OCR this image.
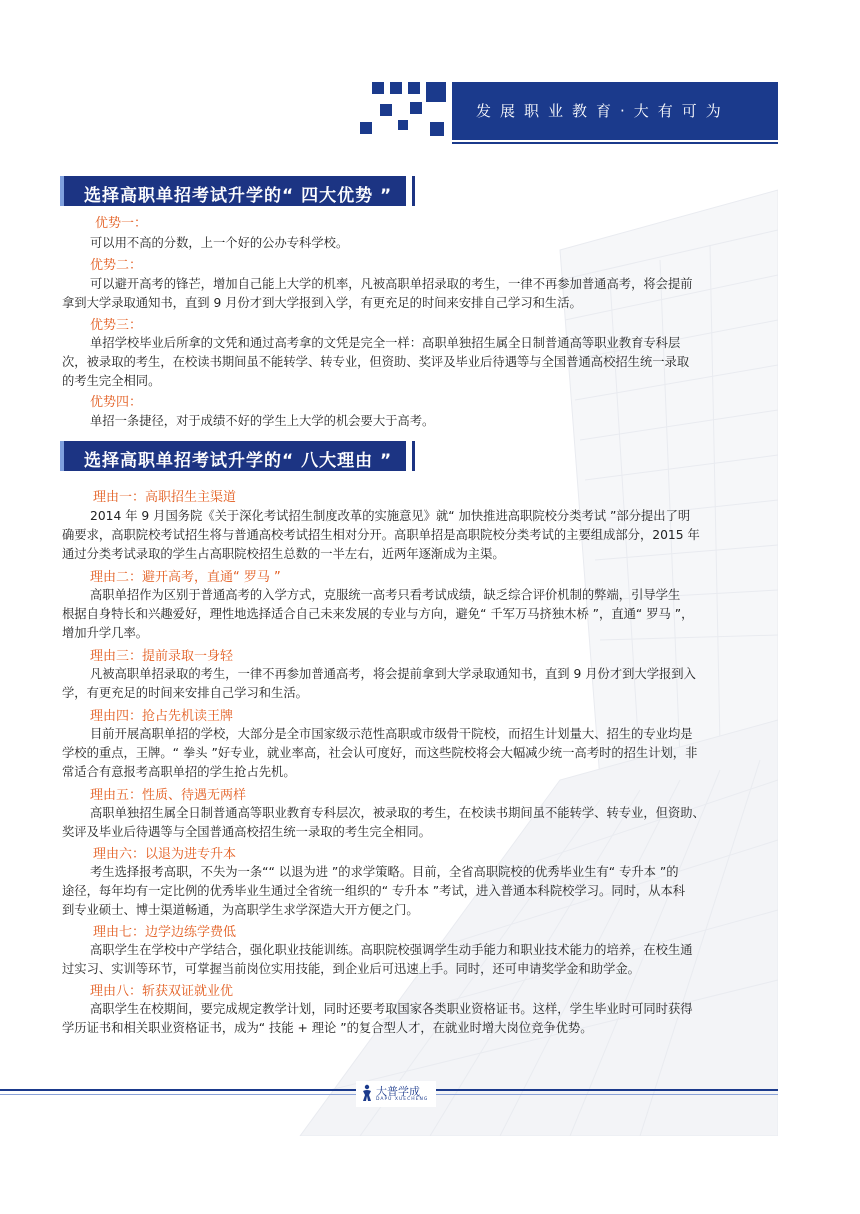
发展职业教育·大有可为
选择高职单招考试升学的“ 四大优势 ”
优势一：
可以用不高的分数，上一个好的公办专科学校。
优势二：
可以避开高考的锋芒，增加自己能上大学的机率，凡被高职单招录取的考生，一律不再参加普通高考，将会提前
拿到大学录取通知书，直到 9 月份才到大学报到入学，有更充足的时间来安排自己学习和生活。
优势三：
单招学校毕业后所拿的文凭和通过高考拿的文凭是完全一样：高职单独招生属全日制普通高等职业教育专科层
次，被录取的考生，在校读书期间虽不能转学、转专业，但资助、奖评及毕业后待遇等与全国普通高校招生统一录取
的考生完全相同。
优势四：
单招一条捷径，对于成绩不好的学生上大学的机会要大于高考。
选择高职单招考试升学的“ 八大理由 ”
理由一：高职招生主渠道
2014 年 9 月国务院《关于深化考试招生制度改革的实施意见》就“ 加快推进高职院校分类考试 ”部分提出了明
确要求，高职院校考试招生将与普通高校考试招生相对分开。高职单招是高职院校分类考试的主要组成部分，2015 年
通过分类考试录取的学生占高职院校招生总数的一半左右，近两年逐渐成为主渠。
理由二：避开高考，直通“ 罗马 ”
高职单招作为区别于普通高考的入学方式，克服统一高考只看考试成绩，缺乏综合评价机制的弊端，引导学生
根据自身特长和兴趣爱好，理性地选择适合自己未来发展的专业与方向，避免“ 千军万马挤独木桥 ”，直通“ 罗马 ”，
增加升学几率。
理由三：提前录取一身轻
凡被高职单招录取的考生，一律不再参加普通高考，将会提前拿到大学录取通知书，直到 9 月份才到大学报到入
学，有更充足的时间来安排自己学习和生活。
理由四：抢占先机读王牌
目前开展高职单招的学校，大部分是全市国家级示范性高职或市级骨干院校，而招生计划量大、招生的专业均是
学校的重点，王牌。“ 拳头 ”好专业，就业率高，社会认可度好，而这些院校将会大幅减少统一高考时的招生计划，非
常适合有意报考高职单招的学生抢占先机。
理由五：性质、待遇无两样
高职单独招生属全日制普通高等职业教育专科层次，被录取的考生，在校读书期间虽不能转学、转专业，但资助、
奖评及毕业后待遇等与全国普通高校招生统一录取的考生完全相同。
理由六：以退为进专升本
考生选择报考高职，不失为一条““ 以退为进 ”的求学策略。目前，全省高职院校的优秀毕业生有“ 专升本 ”的
途径，每年均有一定比例的优秀毕业生通过全省统一组织的“ 专升本 ”考试，进入普通本科院校学习。同时，从本科
到专业硕士、博士渠道畅通，为高职学生求学深造大开方便之门。
理由七：边学边练学费低
高职学生在学校中产学结合，强化职业技能训练。高职院校强调学生动手能力和职业技术能力的培养，在校生通
过实习、实训等环节，可掌握当前岗位实用技能，到企业后可迅速上手。同时，还可申请奖学金和助学金。
理由八：斩获双证就业优
高职学生在校期间，要完成规定教学计划，同时还要考取国家各类职业资格证书。这样，学生毕业时可同时获得
学历证书和相关职业资格证书，成为“ 技能 + 理论 ”的复合型人才，在就业时增大岗位竞争优势。
大普学成
DAPU XUECHENG
